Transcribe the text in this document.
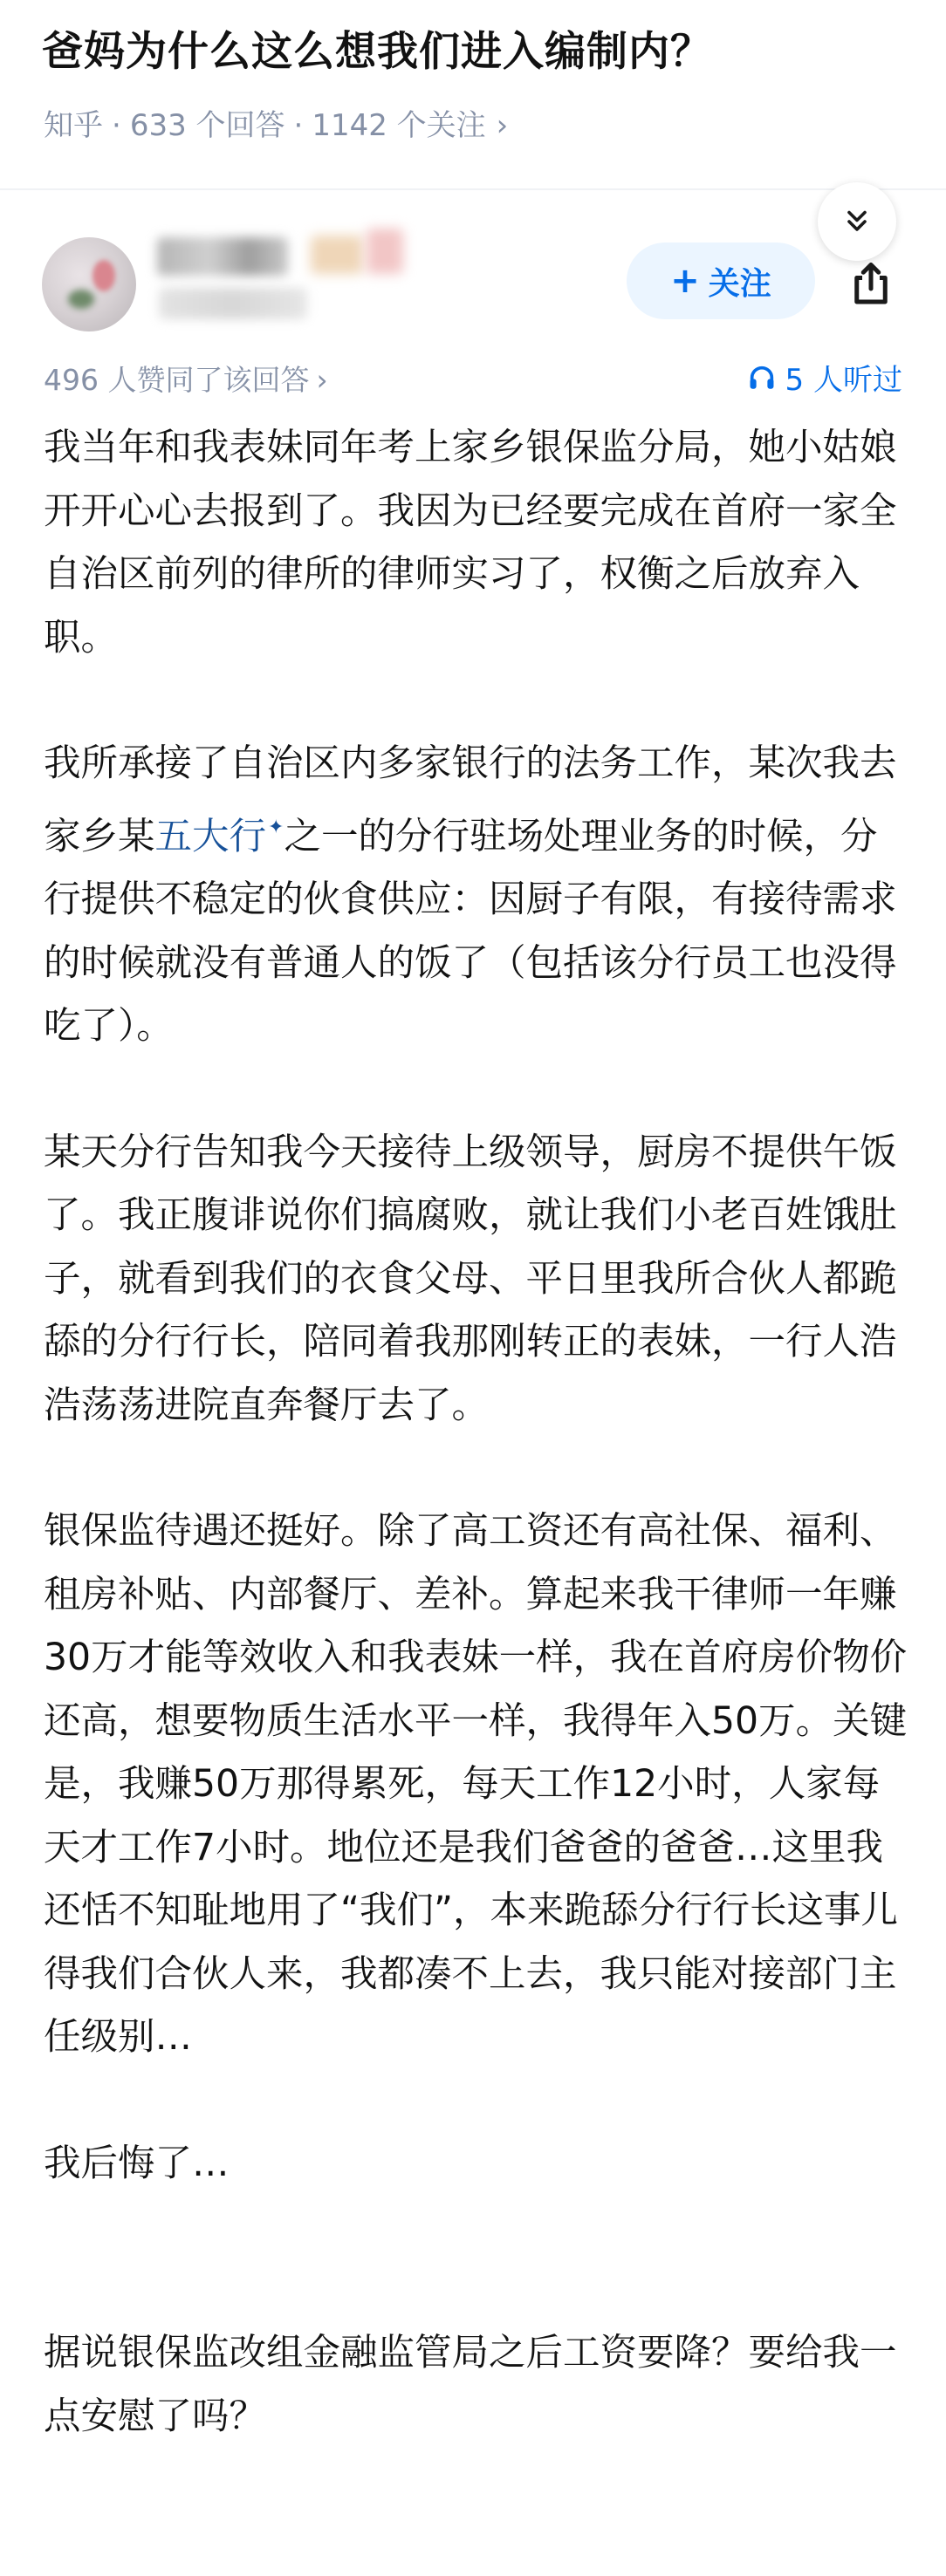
爸妈为什么这么想我们进入编制内？
知乎 · 633 个回答 · 1142 个关注 ›
+ 关注
496 人赞同了该回答 ›	5 人听过

我当年和我表妹同年考上家乡银保监分局，她小姑娘开开心心去报到了。我因为已经要完成在首府一家全自治区前列的律所的律师实习了，权衡之后放弃入职。

我所承接了自治区内多家银行的法务工作，某次我去家乡某五大行✦之一的分行驻场处理业务的时候，分行提供不稳定的伙食供应：因厨子有限，有接待需求的时候就没有普通人的饭了（包括该分行员工也没得吃了）。

某天分行告知我今天接待上级领导，厨房不提供午饭了。我正腹诽说你们搞腐败，就让我们小老百姓饿肚子，就看到我们的衣食父母、平日里我所合伙人都跪舔的分行行长，陪同着我那刚转正的表妹，一行人浩浩荡荡进院直奔餐厅去了。

银保监待遇还挺好。除了高工资还有高社保、福利、租房补贴、内部餐厅、差补。算起来我干律师一年赚30万才能等效收入和我表妹一样，我在首府房价物价还高，想要物质生活水平一样，我得年入50万。关键是，我赚50万那得累死，每天工作12小时，人家每天才工作7小时。地位还是我们爸爸的爸爸…这里我还恬不知耻地用了“我们”，本来跪舔分行行长这事儿得我们合伙人来，我都凑不上去，我只能对接部门主任级别…

我后悔了…

据说银保监改组金融监管局之后工资要降？要给我一点安慰了吗？
